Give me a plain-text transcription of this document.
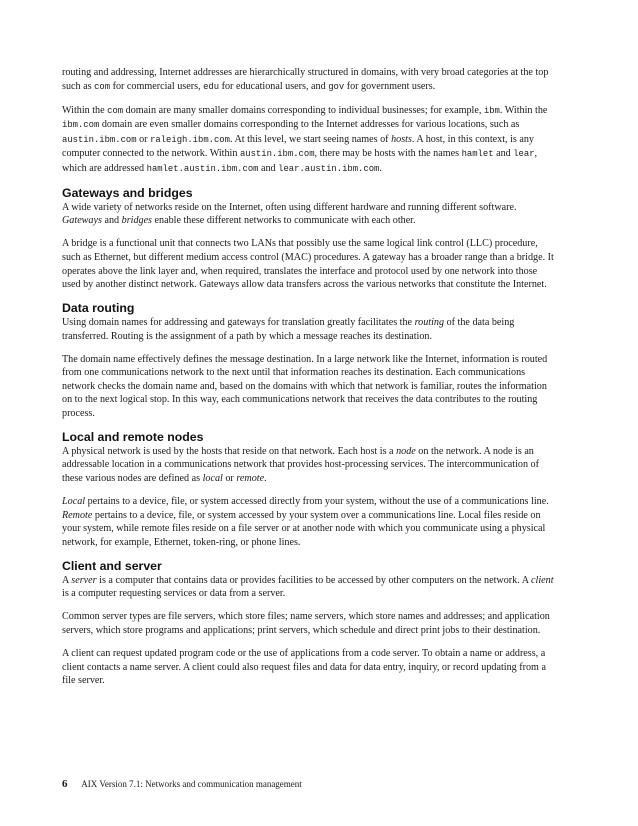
routing and addressing, Internet addresses are hierarchically structured in domains, with very broad categories at the top such as com for commercial users, edu for educational users, and gov for government users.

Within the com domain are many smaller domains corresponding to individual businesses; for example, ibm. Within the ibm.com domain are even smaller domains corresponding to the Internet addresses for various locations, such as austin.ibm.com or raleigh.ibm.com. At this level, we start seeing names of hosts. A host, in this context, is any computer connected to the network. Within austin.ibm.com, there may be hosts with the names hamlet and lear, which are addressed hamlet.austin.ibm.com and lear.austin.ibm.com.

Gateways and bridges

A wide variety of networks reside on the Internet, often using different hardware and running different software. Gateways and bridges enable these different networks to communicate with each other.

A bridge is a functional unit that connects two LANs that possibly use the same logical link control (LLC) procedure, such as Ethernet, but different medium access control (MAC) procedures. A gateway has a broader range than a bridge. It operates above the link layer and, when required, translates the interface and protocol used by one network into those used by another distinct network. Gateways allow data transfers across the various networks that constitute the Internet.

Data routing

Using domain names for addressing and gateways for translation greatly facilitates the routing of the data being transferred. Routing is the assignment of a path by which a message reaches its destination.

The domain name effectively defines the message destination. In a large network like the Internet, information is routed from one communications network to the next until that information reaches its destination. Each communications network checks the domain name and, based on the domains with which that network is familiar, routes the information on to the next logical stop. In this way, each communications network that receives the data contributes to the routing process.

Local and remote nodes

A physical network is used by the hosts that reside on that network. Each host is a node on the network. A node is an addressable location in a communications network that provides host-processing services. The intercommunication of these various nodes are defined as local or remote.

Local pertains to a device, file, or system accessed directly from your system, without the use of a communications line. Remote pertains to a device, file, or system accessed by your system over a communications line. Local files reside on your system, while remote files reside on a file server or at another node with which you communicate using a physical network, for example, Ethernet, token-ring, or phone lines.

Client and server

A server is a computer that contains data or provides facilities to be accessed by other computers on the network. A client is a computer requesting services or data from a server.

Common server types are file servers, which store files; name servers, which store names and addresses; and application servers, which store programs and applications; print servers, which schedule and direct print jobs to their destination.

A client can request updated program code or the use of applications from a code server. To obtain a name or address, a client contacts a name server. A client could also request files and data for data entry, inquiry, or record updating from a file server.

6 AIX Version 7.1: Networks and communication management
